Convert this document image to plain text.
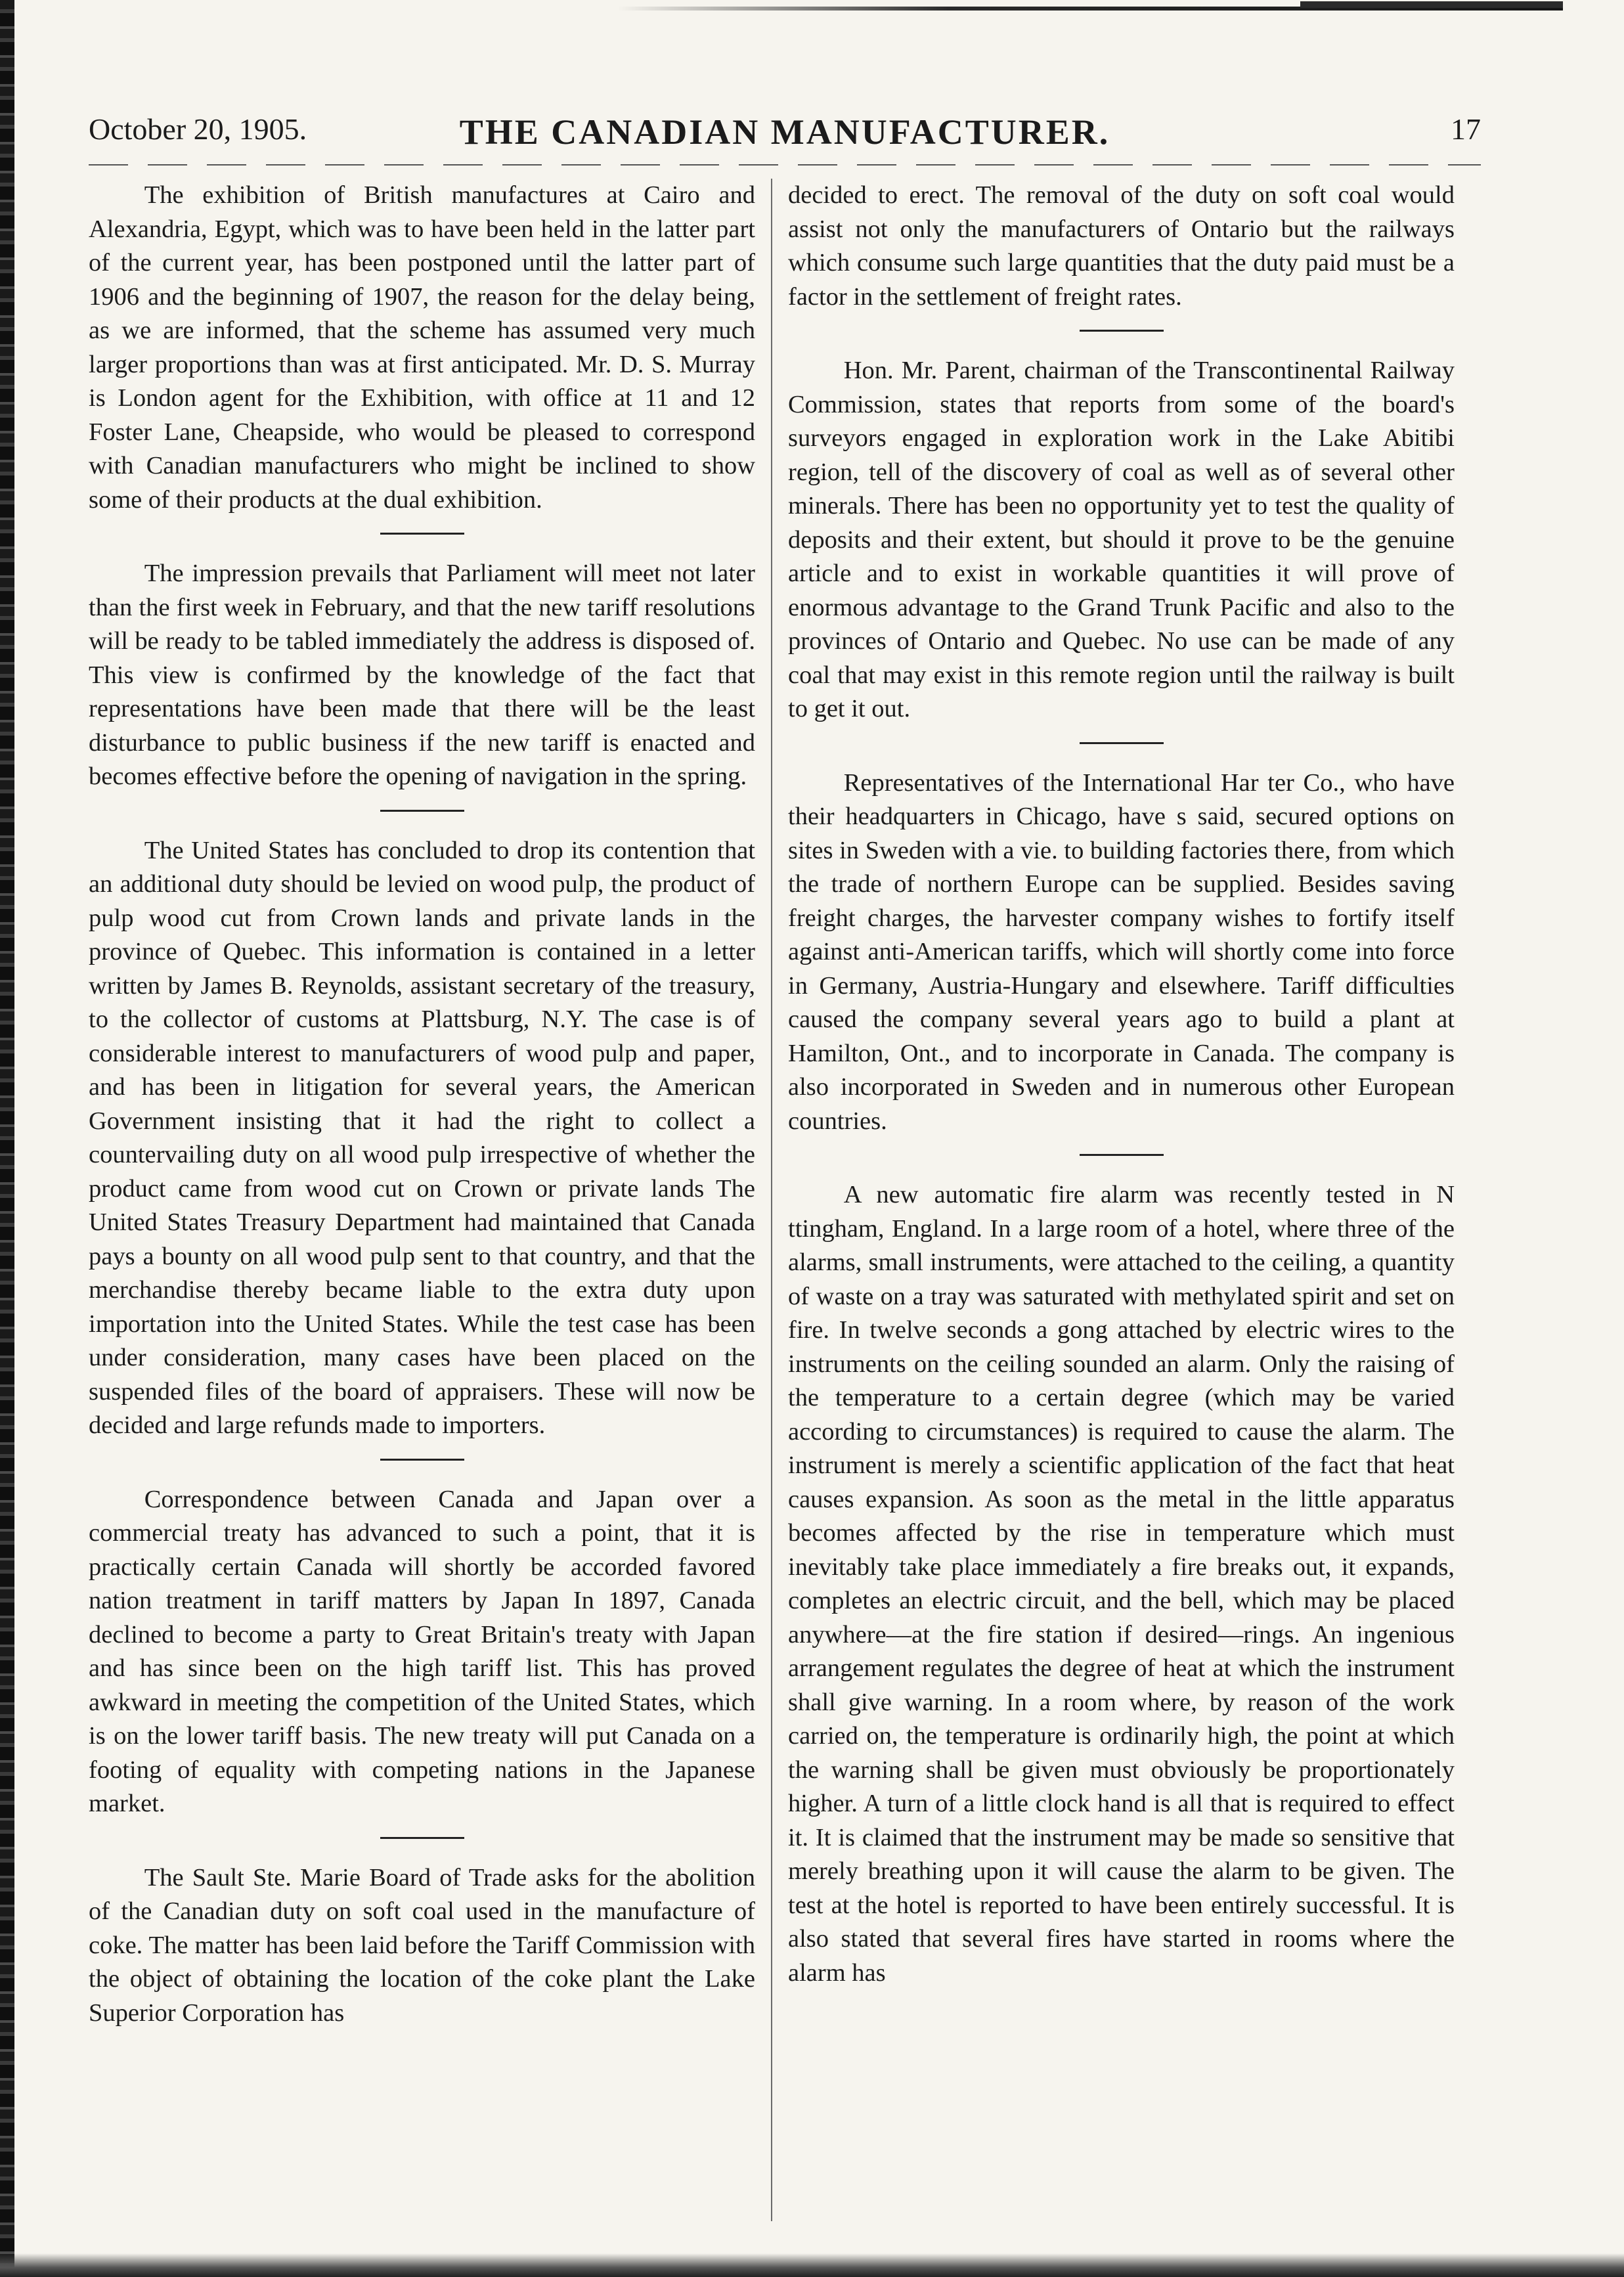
October 20, 1905.	THE CANADIAN MANUFACTURER.	17

The exhibition of British manufactures at Cairo and Alexandria, Egypt, which was to have been held in the latter part of the current year, has been postponed until the latter part of 1906 and the beginning of 1907, the reason for the delay being, as we are informed, that the scheme has assumed very much larger proportions than was at first anticipated. Mr. D. S. Murray is London agent for the Exhibition, with office at 11 and 12 Foster Lane, Cheapside, who would be pleased to correspond with Canadian manufacturers who might be inclined to show some of their products at the dual exhibition.

The impression prevails that Parliament will meet not later than the first week in February, and that the new tariff resolutions will be ready to be tabled immediately the address is disposed of. This view is confirmed by the knowledge of the fact that representations have been made that there will be the least disturbance to public business if the new tariff is enacted and becomes effective before the opening of navigation in the spring.

The United States has concluded to drop its contention that an additional duty should be levied on wood pulp, the product of pulp wood cut from Crown lands and private lands in the province of Quebec. This information is contained in a letter written by James B. Reynolds, assistant secretary of the treasury, to the collector of customs at Plattsburg, N.Y. The case is of considerable interest to manufacturers of wood pulp and paper, and has been in litigation for several years, the American Government insisting that it had the right to collect a countervailing duty on all wood pulp irrespective of whether the product came from wood cut on Crown or private lands The United States Treasury Department had maintained that Canada pays a bounty on all wood pulp sent to that country, and that the merchandise thereby became liable to the extra duty upon importation into the United States. While the test case has been under consideration, many cases have been placed on the suspended files of the board of appraisers. These will now be decided and large refunds made to importers.

Correspondence between Canada and Japan over a commercial treaty has advanced to such a point, that it is practically certain Canada will shortly be accorded favored nation treatment in tariff matters by Japan In 1897, Canada declined to become a party to Great Britain's treaty with Japan and has since been on the high tariff list. This has proved awkward in meeting the competition of the United States, which is on the lower tariff basis. The new treaty will put Canada on a footing of equality with competing nations in the Japanese market.

The Sault Ste. Marie Board of Trade asks for the abolition of the Canadian duty on soft coal used in the manufacture of coke. The matter has been laid before the Tariff Commission with the object of obtaining the location of the coke plant the Lake Superior Corporation has

decided to erect. The removal of the duty on soft coal would assist not only the manufacturers of Ontario but the railways which consume such large quantities that the duty paid must be a factor in the settlement of freight rates.

Hon. Mr. Parent, chairman of the Transcontinental Railway Commission, states that reports from some of the board's surveyors engaged in exploration work in the Lake Abitibi region, tell of the discovery of coal as well as of several other minerals. There has been no opportunity yet to test the quality of deposits and their extent, but should it prove to be the genuine article and to exist in workable quantities it will prove of enormous advantage to the Grand Trunk Pacific and also to the provinces of Ontario and Quebec. No use can be made of any coal that may exist in this remote region until the railway is built to get it out.

Representatives of the International Har ter Co., who have their headquarters in Chicago, have s said, secured options on sites in Sweden with a vie. to building factories there, from which the trade of northern Europe can be supplied. Besides saving freight charges, the harvester company wishes to fortify itself against anti-American tariffs, which will shortly come into force in Germany, Austria-Hungary and elsewhere. Tariff difficulties caused the company several years ago to build a plant at Hamilton, Ont., and to incorporate in Canada. The company is also incorporated in Sweden and in numerous other European countries.

A new automatic fire alarm was recently tested in N ttingham, England. In a large room of a hotel, where three of the alarms, small instruments, were attached to the ceiling, a quantity of waste on a tray was saturated with methylated spirit and set on fire. In twelve seconds a gong attached by electric wires to the instruments on the ceiling sounded an alarm. Only the raising of the temperature to a certain degree (which may be varied according to circumstances) is required to cause the alarm. The instrument is merely a scientific application of the fact that heat causes expansion. As soon as the metal in the little apparatus becomes affected by the rise in temperature which must inevitably take place immediately a fire breaks out, it expands, completes an electric circuit, and the bell, which may be placed anywhere—at the fire station if desired—rings. An ingenious arrangement regulates the degree of heat at which the instrument shall give warning. In a room where, by reason of the work carried on, the temperature is ordinarily high, the point at which the warning shall be given must obviously be proportionately higher. A turn of a little clock hand is all that is required to effect it. It is claimed that the instrument may be made so sensitive that merely breathing upon it will cause the alarm to be given. The test at the hotel is reported to have been entirely successful. It is also stated that several fires have started in rooms where the alarm has
